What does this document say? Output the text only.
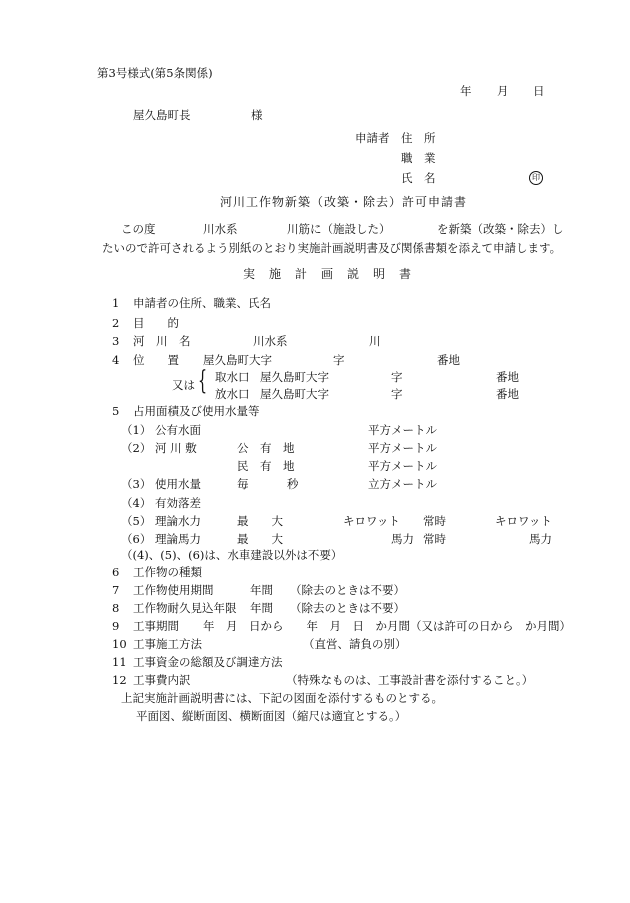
第3号様式(第5条関係)
年 月 日
屋久島町長	様
申請者 住　所
職　業
氏　名	印
河川工作物新築（改築・除去）許可申請書
この度	川水系	川筋に（施設した）	を新築（改築・除去）し
たいので許可されるよう別紙のとおり実施計画説明書及び関係書類を添えて申請します。
実　施　計　画　説　明　書
1 申請者の住所、職業、氏名
2 目　　的
3 河　川　名	川水系	川
4 位　　置 屋久島町大字	字	番地
又は { 取水口 屋久島町大字	字	番地
放水口 屋久島町大字	字	番地
5 占用面積及び使用水量等
（1） 公有水面	平方メートル
（2） 河 川 敷	公　有　地	平方メートル
民　有　地	平方メートル
（3） 使用水量	毎	秒	立方メートル
（4） 有効落差
（5） 理論水力	最　　大	キロワット 常時	キロワット
（6） 理論馬力	最　　大	馬力 常時	馬力
（(4)、(5)、(6)は、水車建設以外は不要）
6 工作物の種類
7 工作物使用期間	年間 （除去のときは不要）
8 工作物耐久見込年限 年間 （除去のときは不要）
9 工事期間 年　月　日から　　年　月　日　か月間（又は許可の日から　か月間）
10 工事施工方法	（直営、請負の別）
11 工事資金の総額及び調達方法
12 工事費内訳	（特殊なものは、工事設計書を添付すること。）
上記実施計画説明書には、下記の図面を添付するものとする。
平面図、縦断面図、横断面図（縮尺は適宜とする。）
